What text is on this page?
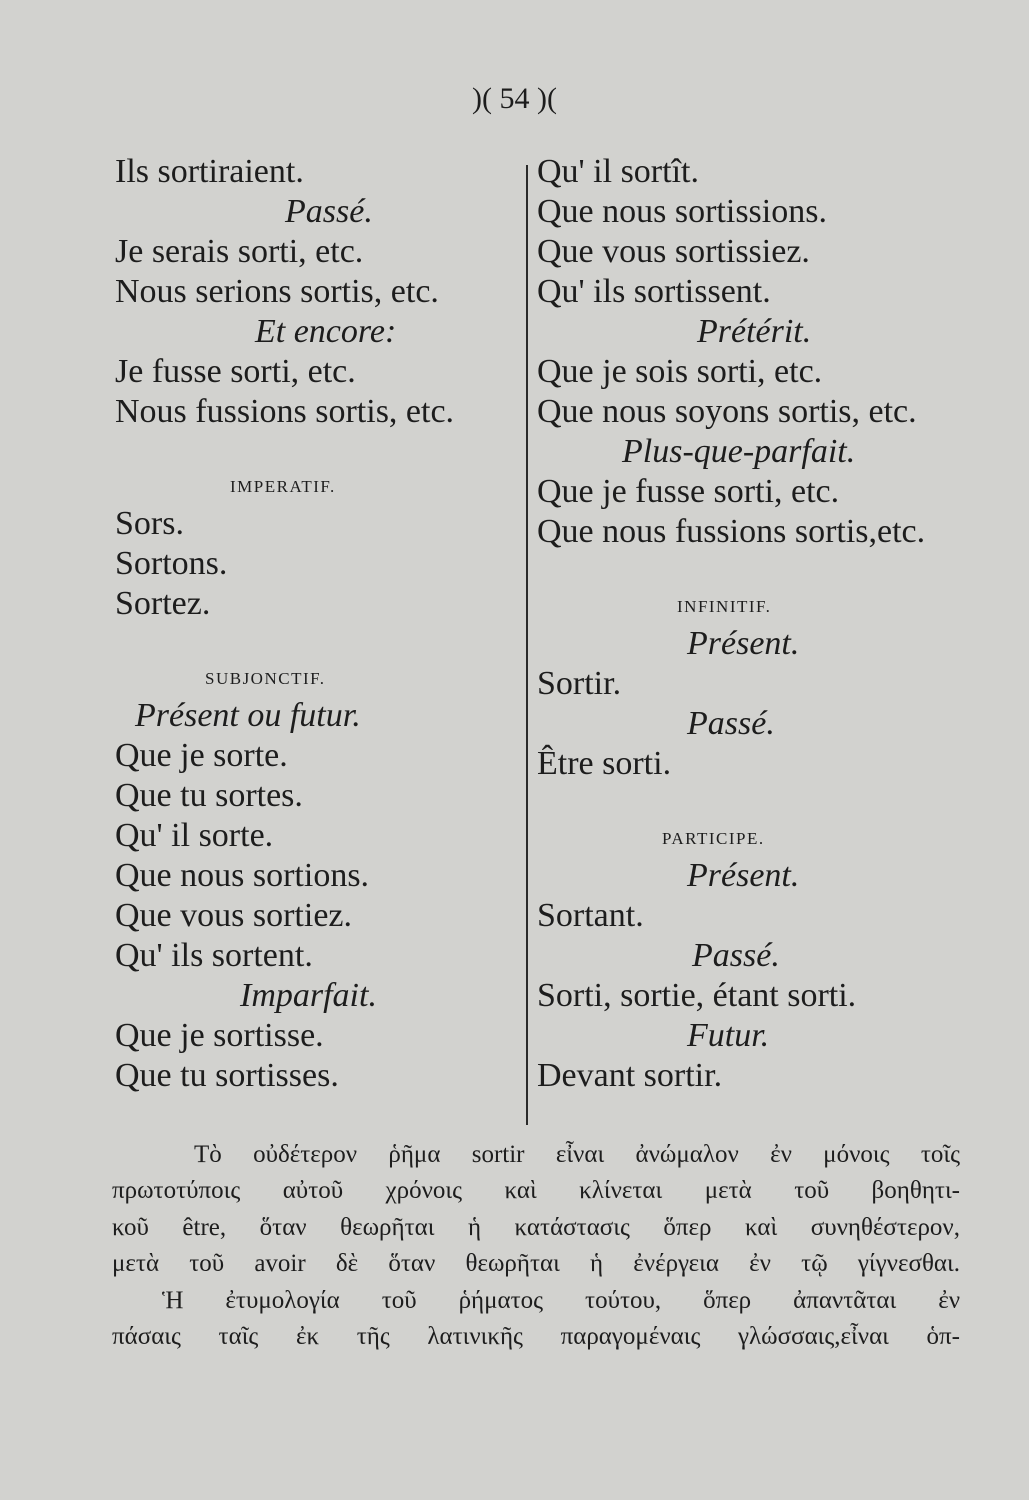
)( 54 )(
Ils sortiraient.
Passé.
Je serais sorti, etc.
Nous serions sortis, etc.
Et encore:
Je fusse sorti, etc.
Nous fussions sortis, etc.
IMPERATIF.
Sors.
Sortons.
Sortez.
SUBJONCTIF.
Présent ou futur.
Que je sorte.
Que tu sortes.
Qu' il sorte.
Que nous sortions.
Que vous sortiez.
Qu' ils sortent.
Imparfait.
Que je sortisse.
Que tu sortisses.
Qu' il sortît.
Que nous sortissions.
Que vous sortissiez.
Qu' ils sortissent.
Prétérit.
Que je sois sorti, etc.
Que nous soyons sortis, etc.
Plus-que-parfait.
Que je fusse sorti, etc.
Que nous fussions sortis,etc.
INFINITIF.
Présent.
Sortir.
Passé.
Être sorti.
PARTICIPE.
Présent.
Sortant.
Passé.
Sorti, sortie, étant sorti.
Futur.
Devant sortir.
Τὸ οὐδέτερον ῥῆμα sortir εἶναι ἀνώμαλον ἐν μόνοις τοῖς
πρωτοτύποις αὐτοῦ χρόνοις καὶ κλίνεται μετὰ τοῦ βοηθητι-
κοῦ être, ὅταν θεωρῆται ἡ κατάστασις ὅπερ καὶ συνηθέστερον,
μετὰ τοῦ avoir δὲ ὅταν θεωρῆται ἡ ἐνέργεια ἐν τῷ γίγνεσθαι.
Ἡ ἐτυμολογία τοῦ ῥήματος τούτου, ὅπερ ἀπαντᾶται ἐν
πάσαις ταῖς ἐκ τῆς λατινικῆς παραγομέναις γλώσσαις,εἶναι ὁπ-
